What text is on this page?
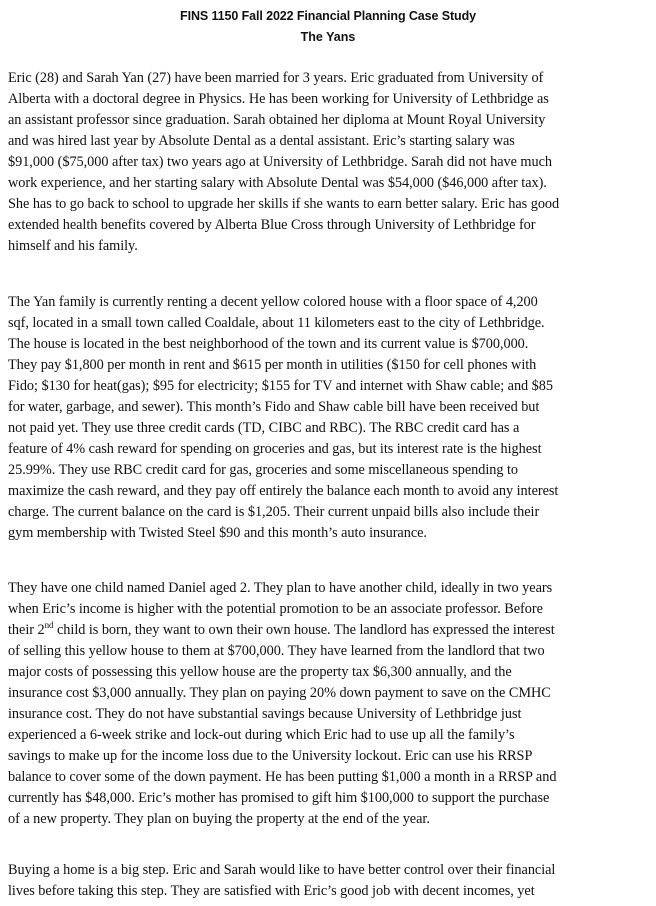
FINS 1150 Fall 2022 Financial Planning Case Study
The Yans

Eric (28) and Sarah Yan (27) have been married for 3 years. Eric graduated from University of
Alberta with a doctoral degree in Physics. He has been working for University of Lethbridge as
an assistant professor since graduation. Sarah obtained her diploma at Mount Royal University
and was hired last year by Absolute Dental as a dental assistant. Eric’s starting salary was
$91,000 ($75,000 after tax) two years ago at University of Lethbridge. Sarah did not have much
work experience, and her starting salary with Absolute Dental was $54,000 ($46,000 after tax).
She has to go back to school to upgrade her skills if she wants to earn better salary. Eric has good
extended health benefits covered by Alberta Blue Cross through University of Lethbridge for
himself and his family.

The Yan family is currently renting a decent yellow colored house with a floor space of 4,200
sqf, located in a small town called Coaldale, about 11 kilometers east to the city of Lethbridge.
The house is located in the best neighborhood of the town and its current value is $700,000.
They pay $1,800 per month in rent and $615 per month in utilities ($150 for cell phones with
Fido; $130 for heat(gas); $95 for electricity; $155 for TV and internet with Shaw cable; and $85
for water, garbage, and sewer). This month’s Fido and Shaw cable bill have been received but
not paid yet. They use three credit cards (TD, CIBC and RBC). The RBC credit card has a
feature of 4% cash reward for spending on groceries and gas, but its interest rate is the highest
25.99%. They use RBC credit card for gas, groceries and some miscellaneous spending to
maximize the cash reward, and they pay off entirely the balance each month to avoid any interest
charge. The current balance on the card is $1,205. Their current unpaid bills also include their
gym membership with Twisted Steel $90 and this month’s auto insurance.

They have one child named Daniel aged 2. They plan to have another child, ideally in two years
when Eric’s income is higher with the potential promotion to be an associate professor. Before
their 2nd child is born, they want to own their own house. The landlord has expressed the interest
of selling this yellow house to them at $700,000. They have learned from the landlord that two
major costs of possessing this yellow house are the property tax $6,300 annually, and the
insurance cost $3,000 annually. They plan on paying 20% down payment to save on the CMHC
insurance cost. They do not have substantial savings because University of Lethbridge just
experienced a 6-week strike and lock-out during which Eric had to use up all the family’s
savings to make up for the income loss due to the University lockout. Eric can use his RRSP
balance to cover some of the down payment. He has been putting $1,000 a month in a RRSP and
currently has $48,000. Eric’s mother has promised to gift him $100,000 to support the purchase
of a new property. They plan on buying the property at the end of the year.

Buying a home is a big step. Eric and Sarah would like to have better control over their financial
lives before taking this step. They are satisfied with Eric’s good job with decent incomes, yet
